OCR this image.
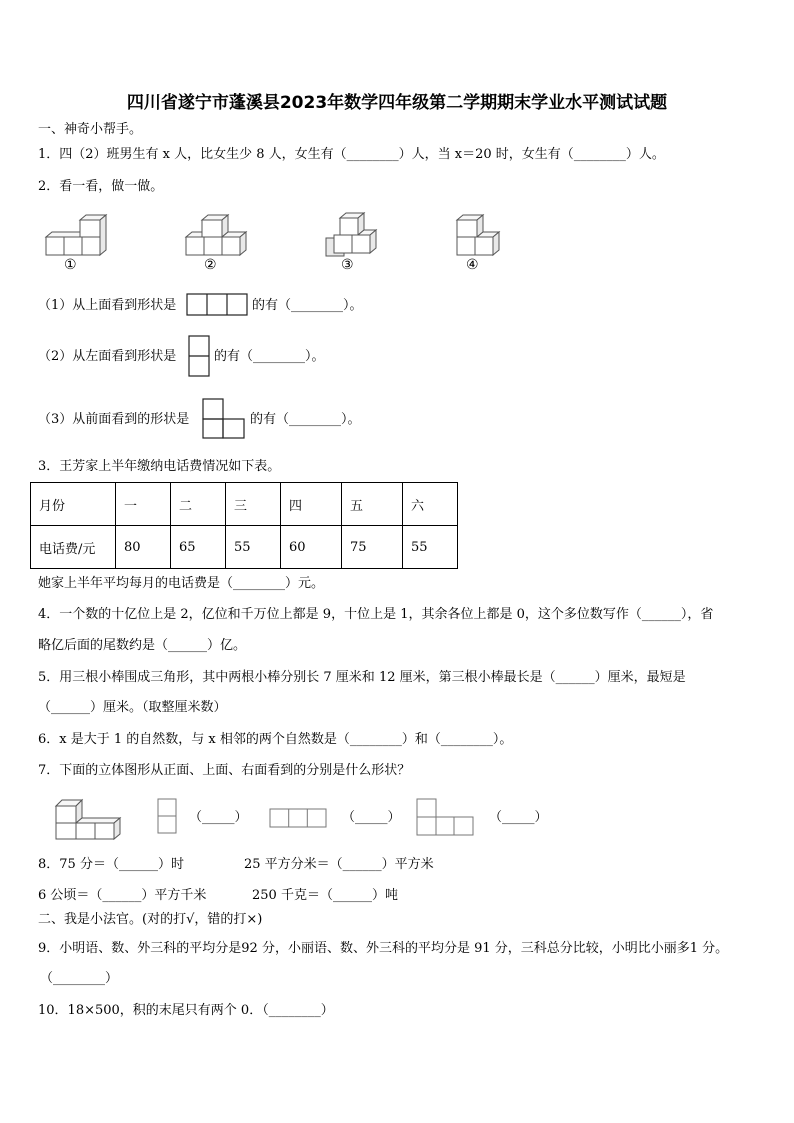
四川省遂宁市蓬溪县2023年数学四年级第二学期期末学业水平测试试题
一、神奇小帮手。
1．四（2）班男生有 x 人，比女生少 8 人，女生有（________）人，当 x＝20 时，女生有（________）人。
2．看一看，做一做。
①	②	③	④
（1）从上面看到形状是	的有（________）。
（2）从左面看到形状是	的有（________）。
（3）从前面看到的形状是	的有（________）。
3．王芳家上半年缴纳电话费情况如下表。
月份	一	二	三	四	五	六
电话费/元	80	65	55	60	75	55
她家上半年平均每月的电话费是（________）元。
4．一个数的十亿位上是 2，亿位和千万位上都是 9，十位上是 1，其余各位上都是 0，这个多位数写作（______），省
略亿后面的尾数约是（______）亿。
5．用三根小棒围成三角形，其中两根小棒分别长 7 厘米和 12 厘米，第三根小棒最长是（______）厘米，最短是
（______）厘米。（取整厘米数）
6．x 是大于 1 的自然数，与 x 相邻的两个自然数是（________）和（________）。
7．下面的立体图形从正面、上面、右面看到的分别是什么形状？
（_____）	（_____）	（_____）
8．75 分＝（______）时	25 平方分米＝（______）平方米
6 公顷＝（______）平方千米	250 千克＝（______）吨
二、我是小法官。(对的打√，错的打×)
9．小明语、数、外三科的平均分是92 分，小丽语、数、外三科的平均分是 91 分，三科总分比较，小明比小丽多1 分。
（________）
10．18×500，积的末尾只有两个 0．（________）
